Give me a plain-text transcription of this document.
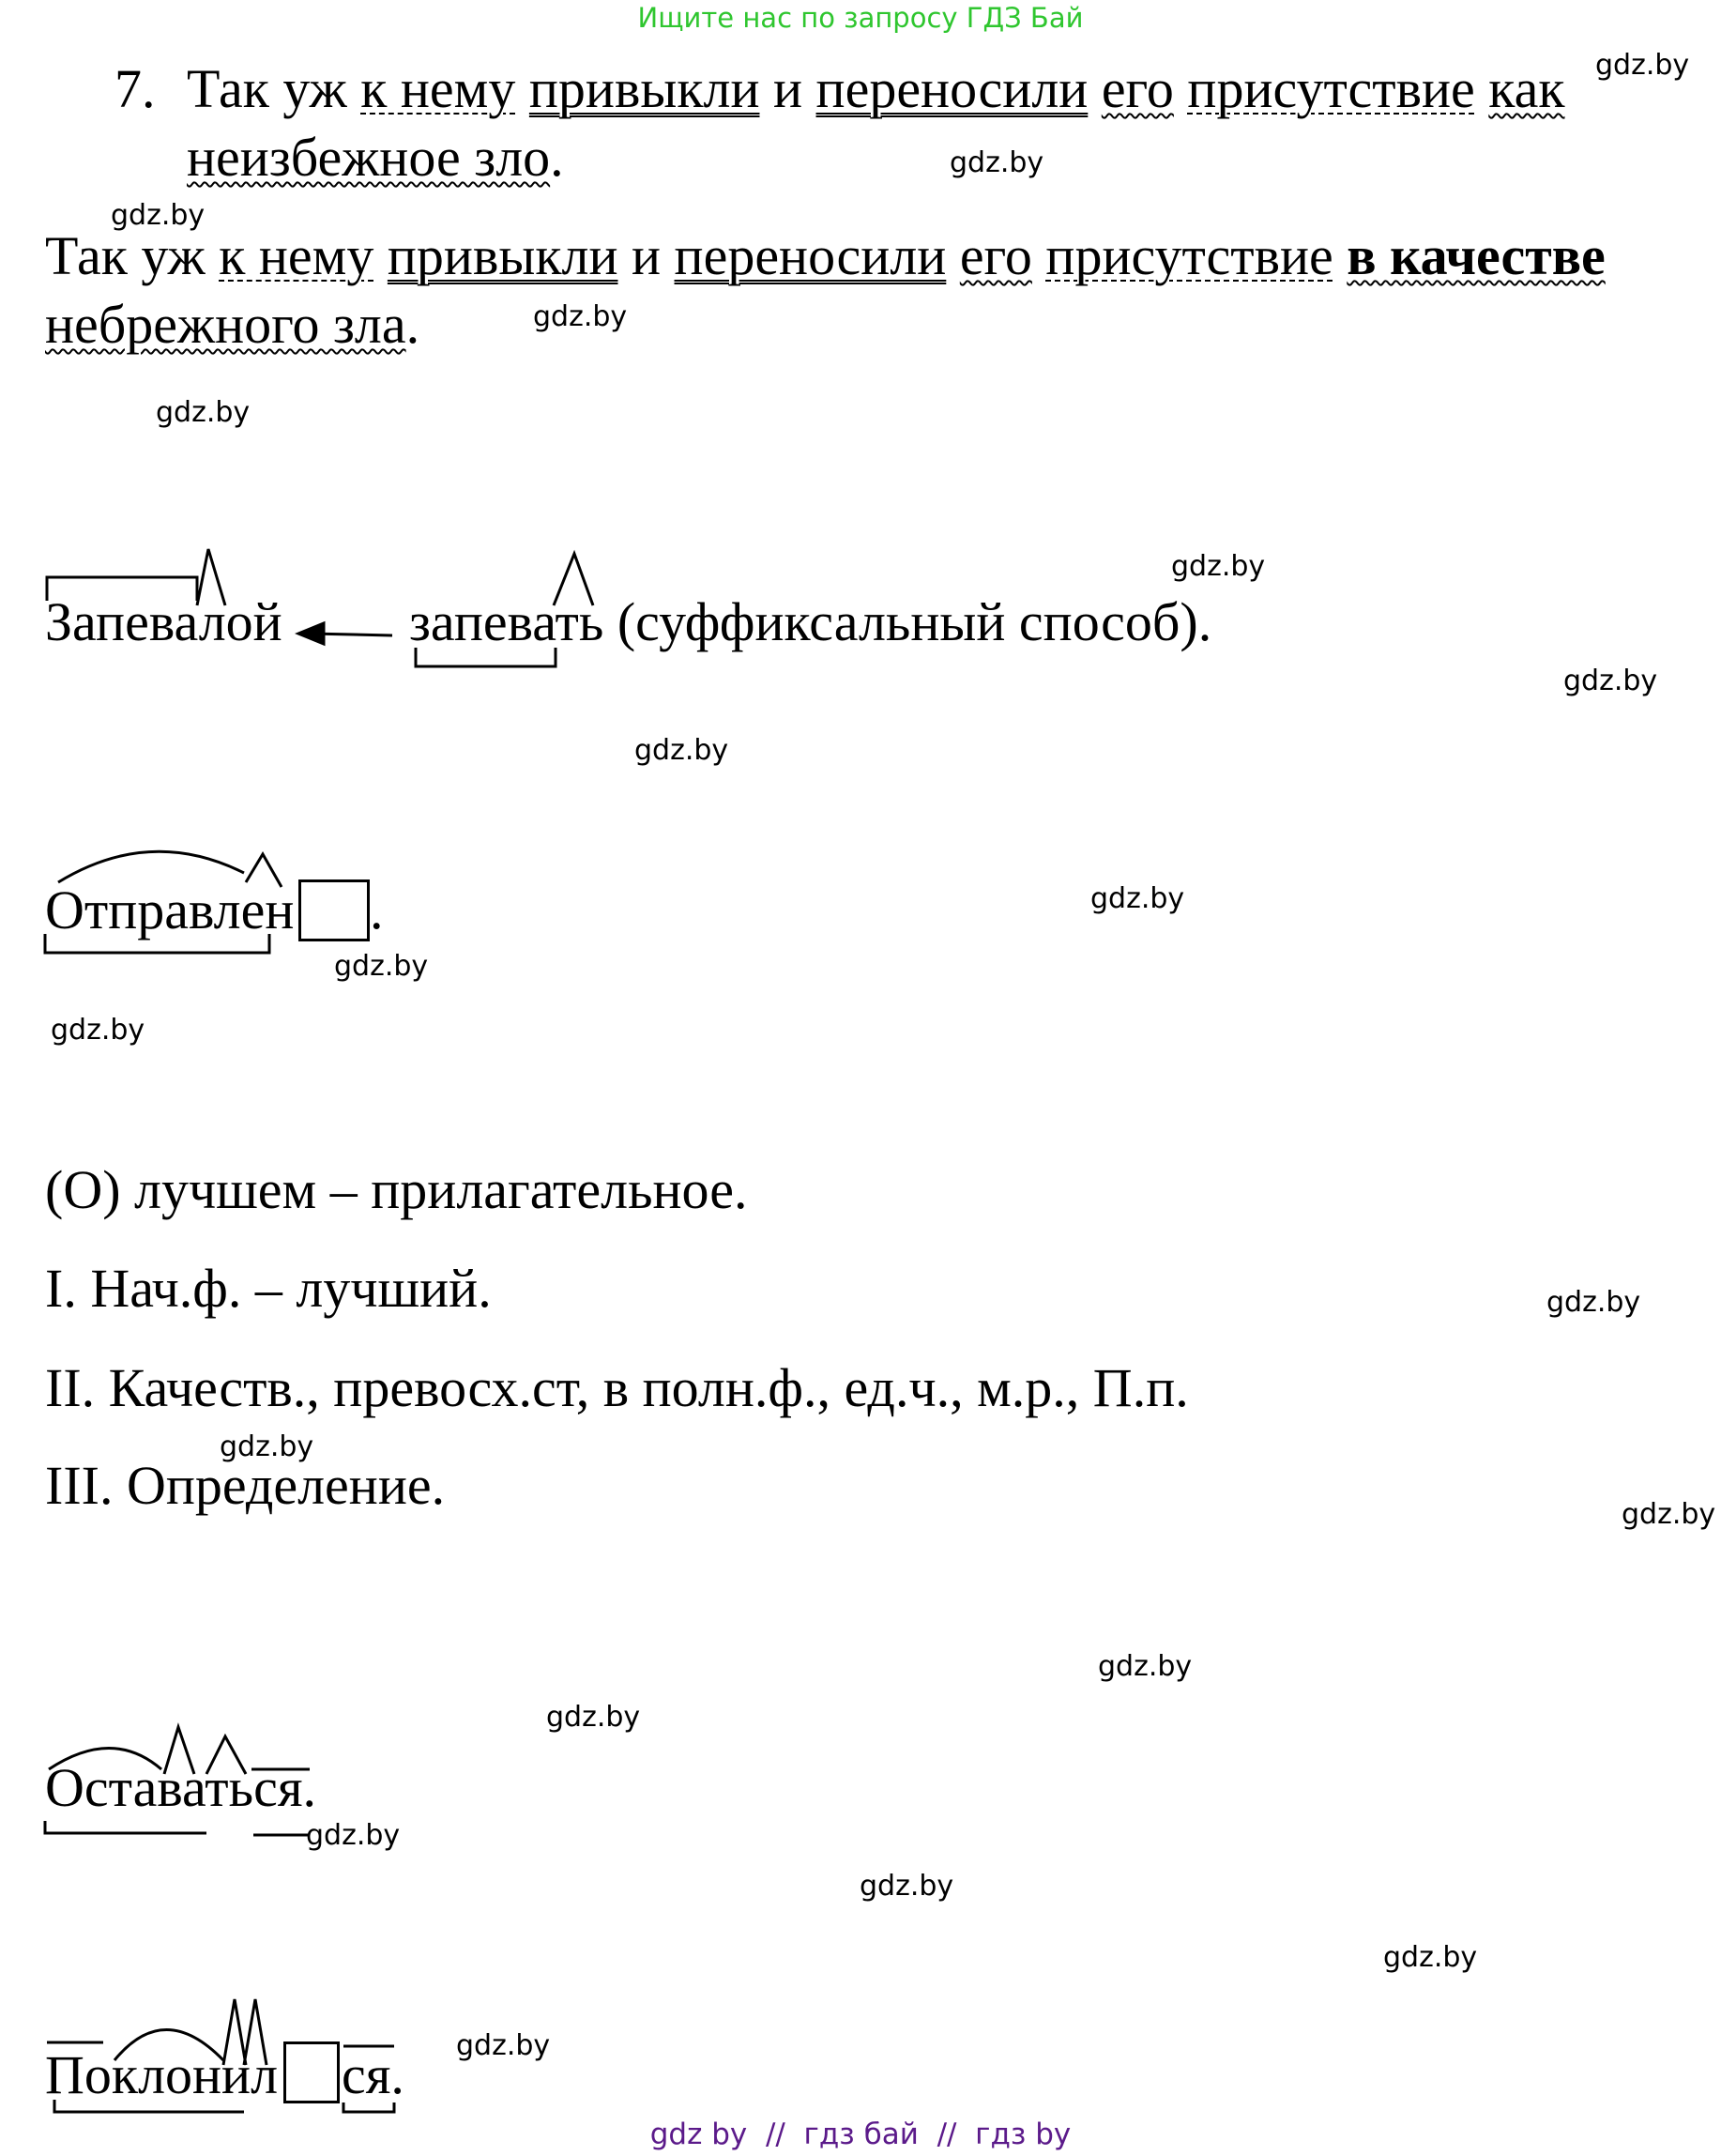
Ищите нас по запросу ГДЗ Бай
7. Так уж к нему привыкли и переносили его присутствие как
неизбежное зло.
Так уж к нему привыкли и переносили его присутствие в качестве
небрежного зла.
Запевалой запевать (суффиксальный способ).
Отправлен .
(О) лучшем – прилагательное.
I. Нач.ф. – лучший.
II. Качеств., превосх.ст, в полн.ф., ед.ч., м.р., П.п.
III. Определение.
Оставаться.
Поклонил ся.
gdz.by
gdz.by
gdz.by
gdz.by
gdz.by
gdz.by
gdz.by
gdz.by
gdz.by
gdz.by
gdz.by
gdz.by
gdz.by
gdz.by
gdz.by
gdz.by
gdz.by
gdz.by
gdz.by
gdz.by
gdz by  //  гдз бай  //  гдз by
